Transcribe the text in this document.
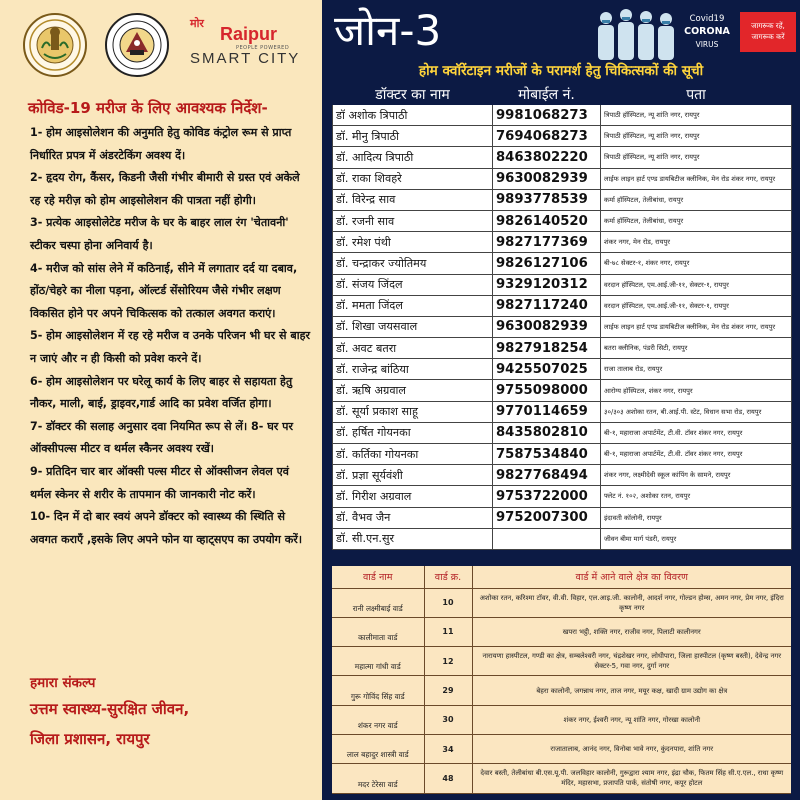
मोर
Raipur
PEOPLE POWERED
SMART CITY
कोविड-19 मरीज के लिए आवश्यक निर्देश-

1- होम आइसोलेशन की अनुमति हेतु कोविड कंट्रोल रूम से प्राप्त निर्धारित प्रपत्र में अंडरटेकिंग अवश्य दें।

2- हृदय रोग, कैंसर, किडनी जैसी गंभीर बीमारी से ग्रस्त एवं अकेले रह रहे मरीज़ को होम आइसोलेशन की पात्रता नहीं होगी।

3- प्रत्येक आइसोलेटेड मरीज के घर के बाहर लाल रंग 'चेतावनी' स्टीकर चस्पा होना अनिवार्य है।

4- मरीज को सांस लेने में कठिनाई, सीने में लगातार दर्द या दबाव, होंठ/चेहरे का नीला पड़ना, ऑल्टर्ड सेंसोरियम जैसे गंभीर लक्षण विकसित होने पर अपने चिकित्सक को तत्काल अवगत कराएं।

5- होम आइसोलेशन में रह रहे मरीज व उनके परिजन भी घर से बाहर न जाएं और न ही किसी को प्रवेश करने दें।

6- होम आइसोलेशन पर घरेलू कार्य के लिए बाहर से सहायता हेतु नौकर, माली, बाई, ड्राइवर,गार्ड आदि का प्रवेश वर्जित होगा।

7- डॉक्टर की सलाह अनुसार दवा नियमित रूप से लें। 8- घर पर ऑक्सीपल्स मीटर व थर्मल स्कैनर अवश्य रखें।

9- प्रतिदिन चार बार ऑक्सी पल्स मीटर से ऑक्सीजन लेवल एवं थर्मल स्केनर से शरीर के तापमान की जानकारी नोट करें।

10- दिन में दो बार स्वयं अपने डॉक्टर को स्वास्थ्य की स्थिति से अवगत कराएँ ,इसके लिए अपने फोन या व्हाट्सएप का उपयोग करें।

हमारा संकल्प
उत्तम स्वास्थ्य-सुरक्षित जीवन,
जिला प्रशासन, रायपुर
जोन-3	Covid19
CORONA
VIRUS
जागरूक रहें, जागरूक करें
होम क्वॉरेंटाइन मरीजों के परामर्श हेतु चिकित्सकों की सूची
डॉक्टर का नाम	मोबाईल नं.	पता
डॉ अशोक त्रिपाठी	9981068273	त्रिपाठी हॉस्पिटल, न्यू शांति नगर, रायपुर
डॉ. मीनु त्रिपाठी	7694068273	त्रिपाठी हॉस्पिटल, न्यू शांति नगर, रायपुर
डॉ. आदित्य त्रिपाठी	8463802220	त्रिपाठी हॉस्पिटल, न्यू शांति नगर, रायपुर
डॉ. राका शिवहरे	9630082939	लाईफ लाइन हार्ट एण्ड डायबिटीज क्लीनिक, मेन रोड शंकर नगर, रायपुर
डॉ. विरेन्द्र साव	9893778539	कर्मा हॉस्पिटल, तेलीबांधा, रायपुर
डॉ. रजनी साव	9826140520	कर्मा हॉस्पिटल, तेलीबांधा, रायपुर
डॉ. रमेश पंथी	9827177369	शंकर नगर, मेन रोड, रायपुर
डॉ. चन्द्राकर ज्योतिमय	9826127106	बी-७८ सेक्टर-१, शंकर नगर, रायपुर
डॉ. संजय जिंदल	9329120312	वरदान हॉस्पिटल, एम.आई.जी-११, सेक्टर-१, रायपुर
डॉ. ममता जिंदल	9827117240	वरदान हॉस्पिटल, एम.आई.जी-११, सेक्टर-१, रायपुर
डॉ. शिखा जयसवाल	9630082939	लाईफ लाइन हार्ट एण्ड डायबिटीज क्लीनिक, मेन रोड शंकर नगर, रायपुर
डॉ. अवट बतरा	9827918254	बतरा क्लीनिक, पंडरी सिटी, रायपुर
डॉ. राजेन्द्र बांठिया	9425507025	राजा तालाब रोड, रायपुर
डॉ. ऋषि अग्रवाल	9755098000	आरोग्य हॉस्पिटल, शंकर नगर, रायपुर
डॉ. सूर्या प्रकाश साहू	9770114659	३०/३०३ अशोका रतन, बी.आई.पी. स्टेट, विधान सभा रोड, रायपुर
डॉ. हर्षित गोयनका	8435802810	बी-१, महाराजा अपार्टमेंट, टी.वी. टॉवर शंकर नगर, रायपुर
डॉ. कर्तिका गोयनका	7587534840	बी-१, महाराजा अपार्टमेंट, टी.वी. टॉवर शंकर नगर, रायपुर
डॉ. प्रज्ञा सूर्यवंशी	9827768494	शंकर नगर, लक्ष्मीदेवी स्कूल कांपिंग के सामने, रायपुर
डॉ. गिरीश अग्रवाल	9753722000	फ्लेट नं. १०२, अशोका रतन, रायपुर
डॉ. वैभव जैन	9752007300	इंदावती कॉलोनी, रायपुर
डॉ. सी.एन.सुर		जीवन बीमा मार्ग पंडरी, रायपुर
वार्ड नाम	वार्ड क्र.	वार्ड में आने वाले क्षेत्र का विवरण
रानी लक्ष्मीबाई वार्ड	10	अशोका रतन, करिश्मा टॉवर, वी.वी. विहार, एल.आइ.जी. कालोनी, आदर्श नगर, गोल्डन होम्स, अमन नगर, प्रेम नगर, इंदिरा कृष्ण नगर
कालीमाता वार्ड	11	खपरा भट्ठी, शक्ति नगर, राजीव नगर, पिलाटी कालीनगर
महात्मा गांधी वार्ड	12	नारायणा हास्पीटल, गण्डी का क्षेत्र, सम्बलेश्वरी नगर, चंद्रशेखर नगर, लोधीपारा, जिला हास्पीटल (कृष्ण बस्ती), देवेन्द्र नगर सेक्टर-5, गवा नगर, दुर्गा नगर
गुरू गोविंद सिंह वार्ड	29	बेहरा कालोनी, जगन्नाथ नगर, ताज नगर, मयूर कक्ष, खादी ग्राम उद्योग का क्षेत्र
शंकर नगर वार्ड	30	शंकर नगर, ईश्वरी नगर, न्यू शांति नगर, गोरखा कालोनी
लाल बहादुर शास्त्री वार्ड	34	राजातालाब, आनंद नगर, विनोबा भावे नगर, कुंदनपारा, शांति नगर
मदर टेरेसा वार्ड	48	देवार बस्ती, तेलीबांधा बी.एस.यू.पी. जलविहार कालोनी, गुरूद्वारा श्याम नगर, इंद्रा चौक, फितम सिंह सी.ए.एल., राधा कृष्ण मंदिर, महासभा, प्रजापति पार्क, संतोषी नगर, कपूर होटल
